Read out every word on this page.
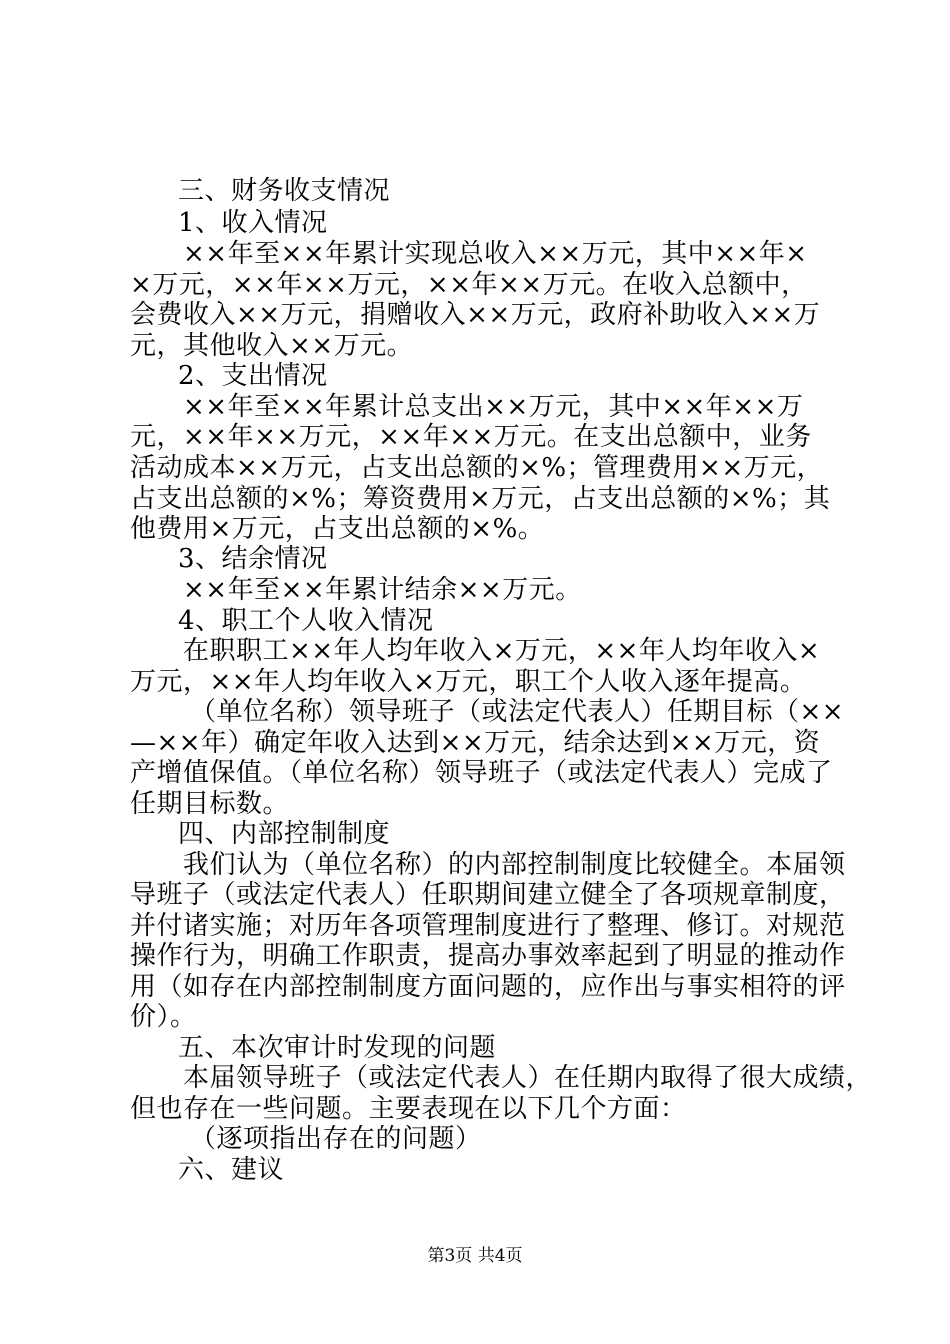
三、财务收支情况
1、收入情况
××年至××年累计实现总收入××万元，其中××年×
×万元，××年××万元，××年××万元。在收入总额中，
会费收入××万元，捐赠收入××万元，政府补助收入××万
元，其他收入××万元。
2、支出情况
××年至××年累计总支出××万元，其中××年××万
元，××年××万元，××年××万元。在支出总额中，业务
活动成本××万元，占支出总额的×%；管理费用××万元，
占支出总额的×%；筹资费用×万元，占支出总额的×%；其
他费用×万元，占支出总额的×%。
3、结余情况
××年至××年累计结余××万元。
4、职工个人收入情况
在职职工××年人均年收入×万元，××年人均年收入×
万元，××年人均年收入×万元，职工个人收入逐年提高。
（单位名称）领导班子（或法定代表人）任期目标（××
—××年）确定年收入达到××万元，结余达到××万元，资
产增值保值。（单位名称）领导班子（或法定代表人）完成了
任期目标数。
四、内部控制制度
我们认为（单位名称）的内部控制制度比较健全。本届领
导班子（或法定代表人）任职期间建立健全了各项规章制度，
并付诸实施；对历年各项管理制度进行了整理、修订。对规范
操作行为，明确工作职责，提高办事效率起到了明显的推动作
用（如存在内部控制制度方面问题的，应作出与事实相符的评
价）。
五、本次审计时发现的问题
本届领导班子（或法定代表人）在任期内取得了很大成绩，
但也存在一些问题。主要表现在以下几个方面：
（逐项指出存在的问题）
六、建议
第3页 共4页
